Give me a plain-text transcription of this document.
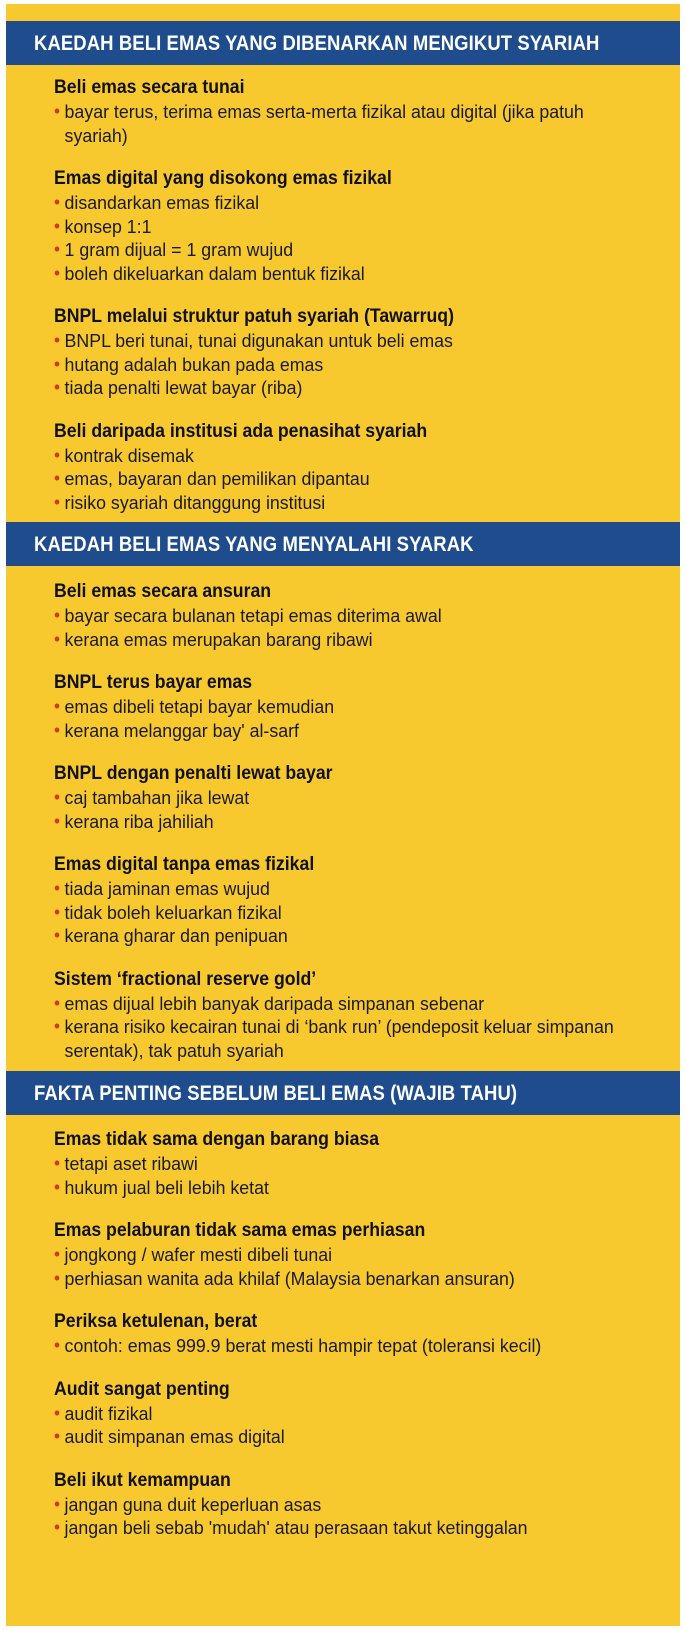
KAEDAH BELI EMAS YANG DIBENARKAN MENGIKUT SYARIAH
Beli emas secara tunai
• bayar terus, terima emas serta-merta fizikal atau digital (jika patuh syariah)
Emas digital yang disokong emas fizikal
• disandarkan emas fizikal
• konsep 1:1
• 1 gram dijual = 1 gram wujud
• boleh dikeluarkan dalam bentuk fizikal
BNPL melalui struktur patuh syariah (Tawarruq)
• BNPL beri tunai, tunai digunakan untuk beli emas
• hutang adalah bukan pada emas
• tiada penalti lewat bayar (riba)
Beli daripada institusi ada penasihat syariah
• kontrak disemak
• emas, bayaran dan pemilikan dipantau
• risiko syariah ditanggung institusi
KAEDAH BELI EMAS YANG MENYALAHI SYARAK
Beli emas secara ansuran
• bayar secara bulanan tetapi emas diterima awal
• kerana emas merupakan barang ribawi
BNPL terus bayar emas
• emas dibeli tetapi bayar kemudian
• kerana melanggar bay' al-sarf
BNPL dengan penalti lewat bayar
• caj tambahan jika lewat
• kerana riba jahiliah
Emas digital tanpa emas fizikal
• tiada jaminan emas wujud
• tidak boleh keluarkan fizikal
• kerana gharar dan penipuan
Sistem ‘fractional reserve gold’
• emas dijual lebih banyak daripada simpanan sebenar
• kerana risiko kecairan tunai di ‘bank run’ (pendeposit keluar simpanan serentak), tak patuh syariah
FAKTA PENTING SEBELUM BELI EMAS (WAJIB TAHU)
Emas tidak sama dengan barang biasa
• tetapi aset ribawi
• hukum jual beli lebih ketat
Emas pelaburan tidak sama emas perhiasan
• jongkong / wafer mesti dibeli tunai
• perhiasan wanita ada khilaf (Malaysia benarkan ansuran)
Periksa ketulenan, berat
• contoh: emas 999.9 berat mesti hampir tepat (toleransi kecil)
Audit sangat penting
• audit fizikal
• audit simpanan emas digital
Beli ikut kemampuan
• jangan guna duit keperluan asas
• jangan beli sebab 'mudah' atau perasaan takut ketinggalan
